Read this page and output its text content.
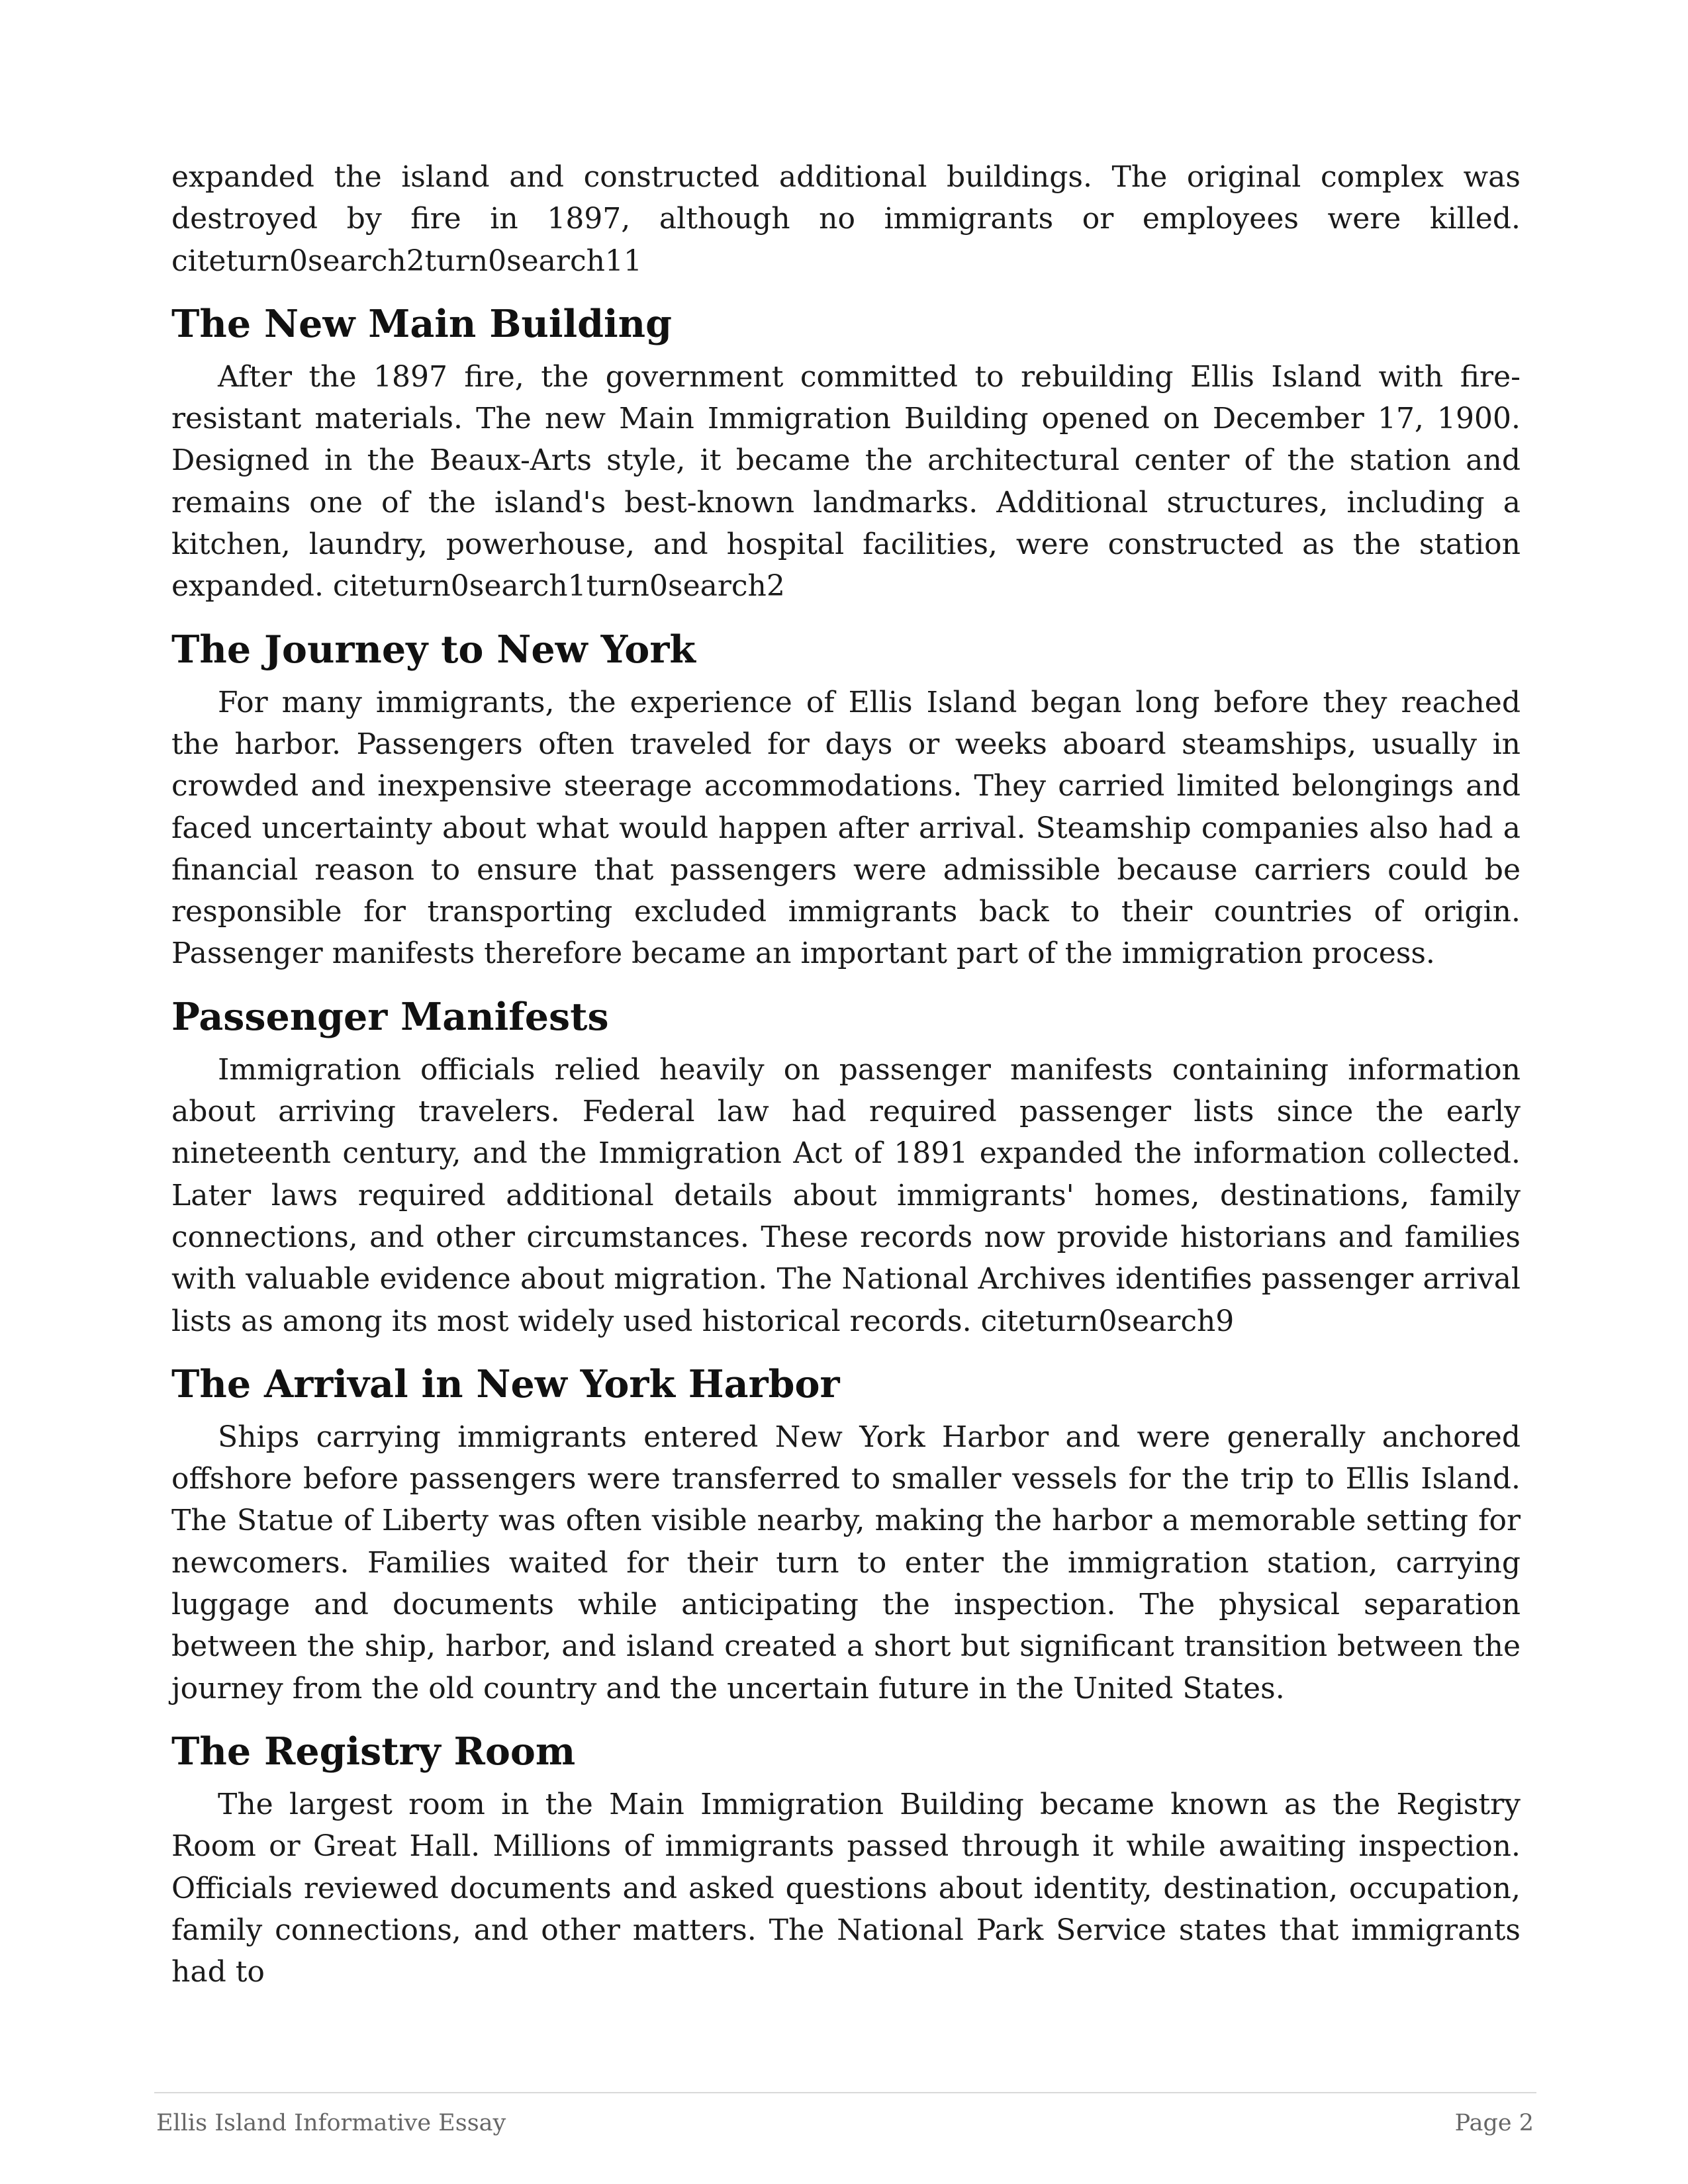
expanded the island and constructed additional buildings. The original complex was destroyed by fire in 1897, although no immigrants or employees were killed. citeturn0search2turn0search11

The New Main Building

After the 1897 fire, the government committed to rebuilding Ellis Island with fire-resistant materials. The new Main Immigration Building opened on December 17, 1900. Designed in the Beaux-Arts style, it became the architectural center of the station and remains one of the island's best-known landmarks. Additional structures, including a kitchen, laundry, powerhouse, and hospital facilities, were constructed as the station expanded. citeturn0search1turn0search2

The Journey to New York

For many immigrants, the experience of Ellis Island began long before they reached the harbor. Passengers often traveled for days or weeks aboard steamships, usually in crowded and inexpensive steerage accommodations. They carried limited belongings and faced uncertainty about what would happen after arrival. Steamship companies also had a financial reason to ensure that passengers were admissible because carriers could be responsible for transporting excluded immigrants back to their countries of origin. Passenger manifests therefore became an important part of the immigration process.

Passenger Manifests

Immigration officials relied heavily on passenger manifests containing information about arriving travelers. Federal law had required passenger lists since the early nineteenth century, and the Immigration Act of 1891 expanded the information collected. Later laws required additional details about immigrants' homes, destinations, family connections, and other circumstances. These records now provide historians and families with valuable evidence about migration. The National Archives identifies passenger arrival lists as among its most widely used historical records. citeturn0search9

The Arrival in New York Harbor

Ships carrying immigrants entered New York Harbor and were generally anchored offshore before passengers were transferred to smaller vessels for the trip to Ellis Island. The Statue of Liberty was often visible nearby, making the harbor a memorable setting for newcomers. Families waited for their turn to enter the immigration station, carrying luggage and documents while anticipating the inspection. The physical separation between the ship, harbor, and island created a short but significant transition between the journey from the old country and the uncertain future in the United States.

The Registry Room

The largest room in the Main Immigration Building became known as the Registry Room or Great Hall. Millions of immigrants passed through it while awaiting inspection. Officials reviewed documents and asked questions about identity, destination, occupation, family connections, and other matters. The National Park Service states that immigrants had to

Ellis Island Informative Essay	Page 2
